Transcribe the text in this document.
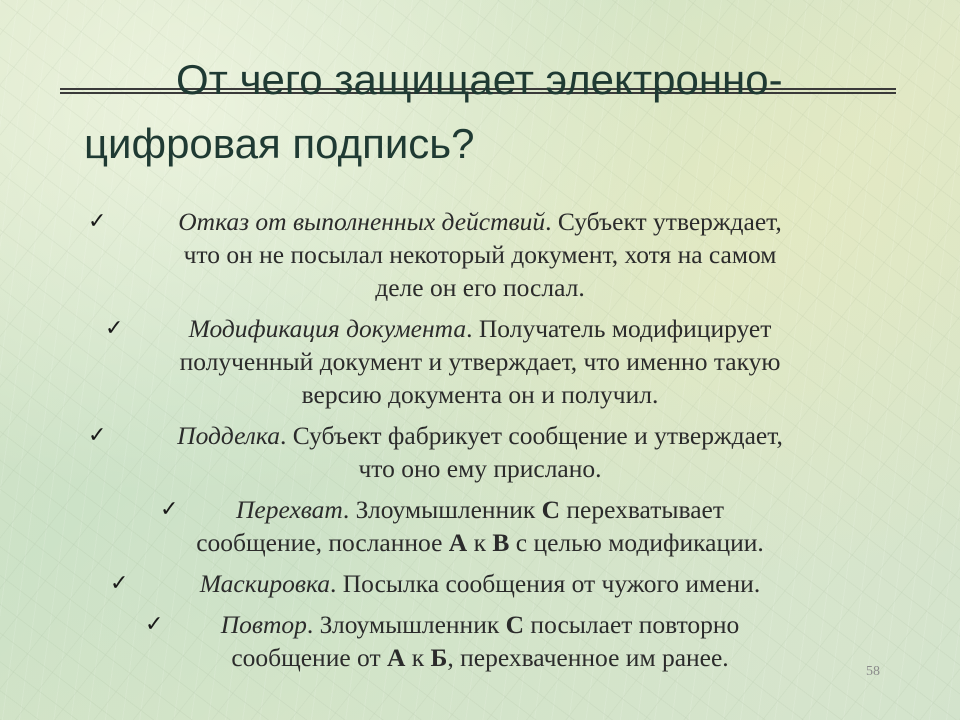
От чего защищает электронно-цифровая подпись?
✓	Отказ от выполненных действий. Субъект утверждает,
что он не посылал некоторый документ, хотя на самом
деле он его послал.
✓	Модификация документа. Получатель модифицирует
полученный документ и утверждает, что именно такую
версию документа он и получил.
✓	Подделка. Субъект фабрикует сообщение и утверждает,
что оно ему прислано.
✓ Перехват. Злоумышленник С перехватывает
сообщение, посланное А к В с целью модификации.
✓	Маскировка. Посылка сообщения от чужого имени.
✓ Повтор. Злоумышленник С посылает повторно
сообщение от А к Б, перехваченное им ранее.	58
